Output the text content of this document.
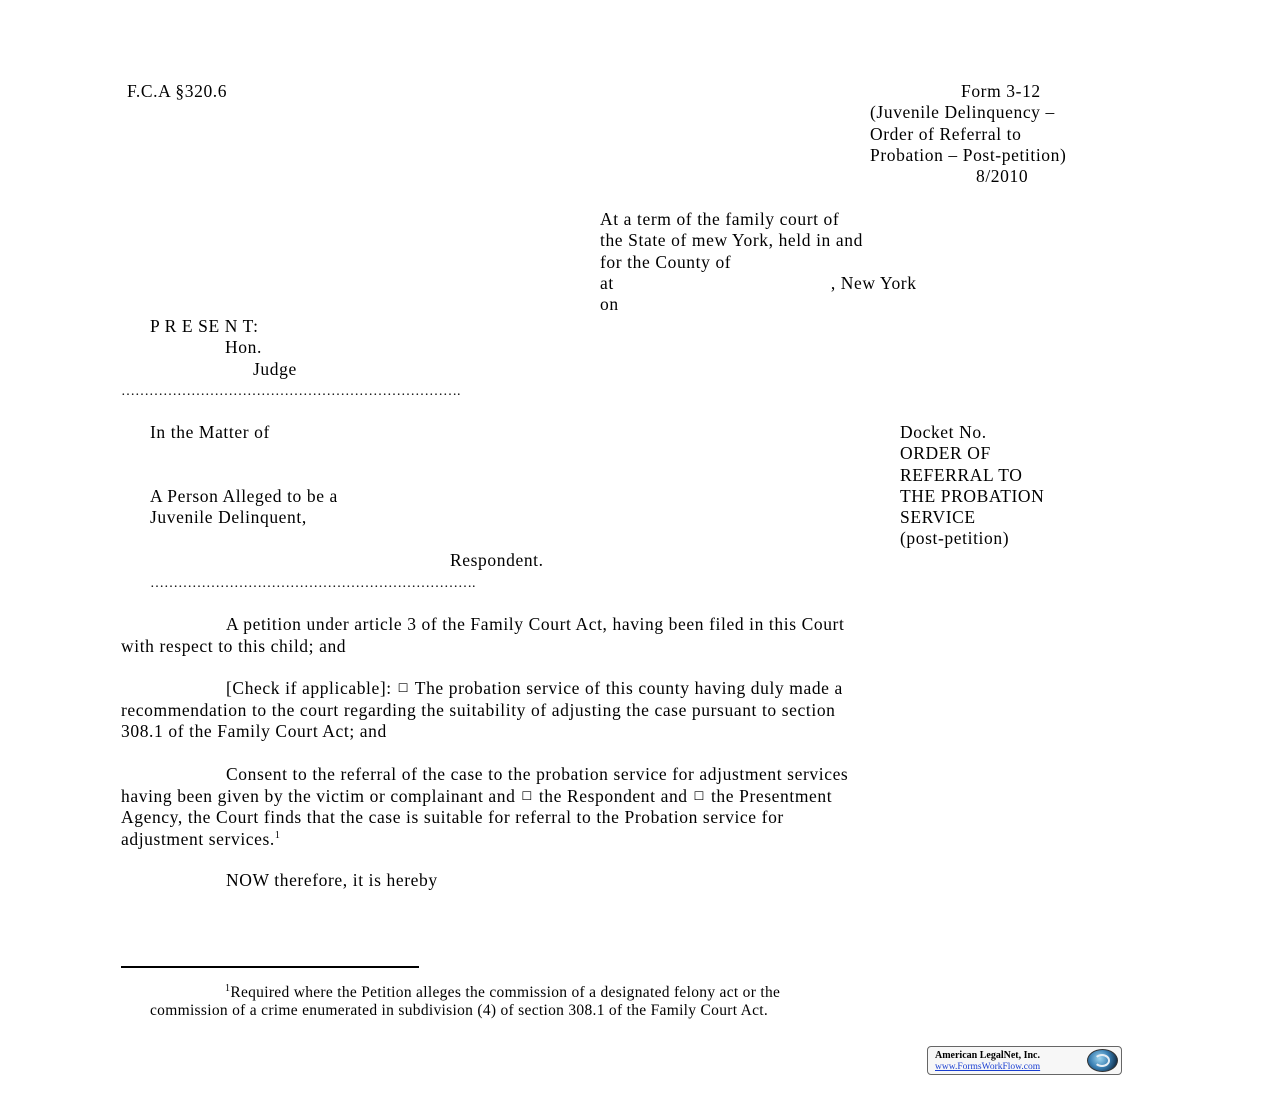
F.C.A §320.6	Form 3-12
(Juvenile Delinquency –
Order of Referral to
Probation – Post-petition)
8/2010
At a term of the family court of
the State of mew York, held in and
for the County of
at	, New York
on
P R E SE N T:
Hon.
Judge
……………………………………………………………….
In the Matter of
A Person Alleged to be a
Juvenile Delinquent,
Respondent.
…………………………………………………………….
Docket No.
ORDER OF
REFERRAL TO
THE PROBATION
SERVICE
(post-petition)
A petition under article 3 of the Family Court Act, having been filed in this Court
with respect to this child; and
[Check if applicable]: ☐ The probation service of this county having duly made a
recommendation to the court regarding the suitability of adjusting the case pursuant to section
308.1 of the Family Court Act; and
Consent to the referral of the case to the probation service for adjustment services
having been given by the victim or complainant and ☐ the Respondent and ☐ the Presentment
Agency, the Court finds that the case is suitable for referral to the Probation service for
adjustment services.$^1$
NOW therefore, it is hereby
$^1$Required where the Petition alleges the commission of a designated felony act or the
commission of a crime enumerated in subdivision (4) of section 308.1 of the Family Court Act.
American LegalNet, Inc.
www.FormsWorkFlow.com
